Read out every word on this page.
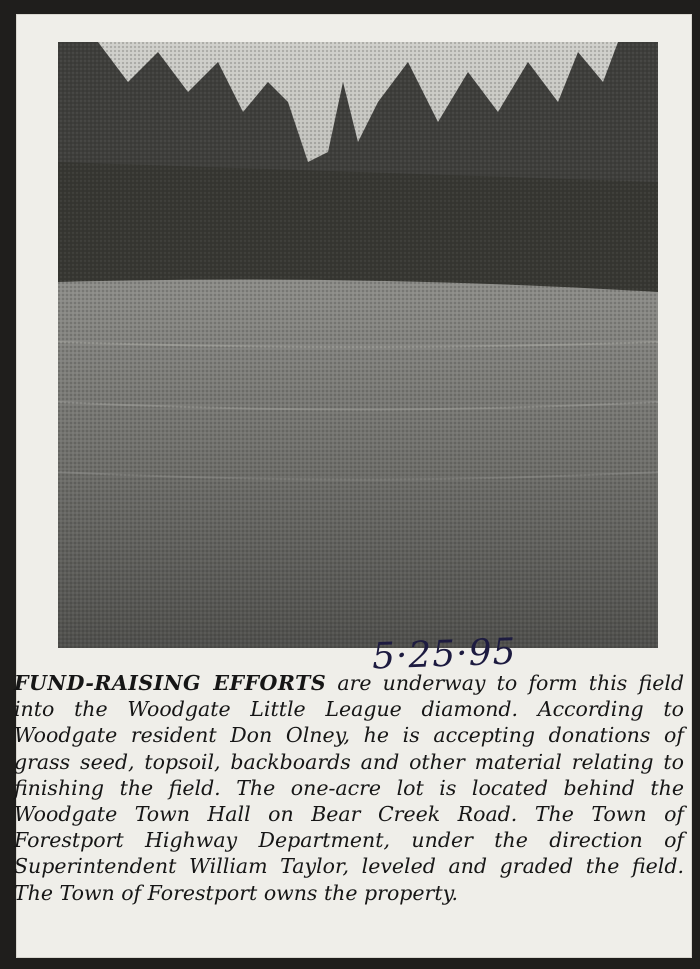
5·25·95

FUND-RAISING EFFORTS are underway to form this field into the Woodgate Little League diamond. According to Woodgate resident Don Olney, he is accepting donations of grass seed, topsoil, backboards and other material relating to finishing the field. The one-acre lot is located behind the Woodgate Town Hall on Bear Creek Road. The Town of Forestport Highway Department, under the direction of Superintendent William Taylor, leveled and graded the field. The Town of Forestport owns the property.
